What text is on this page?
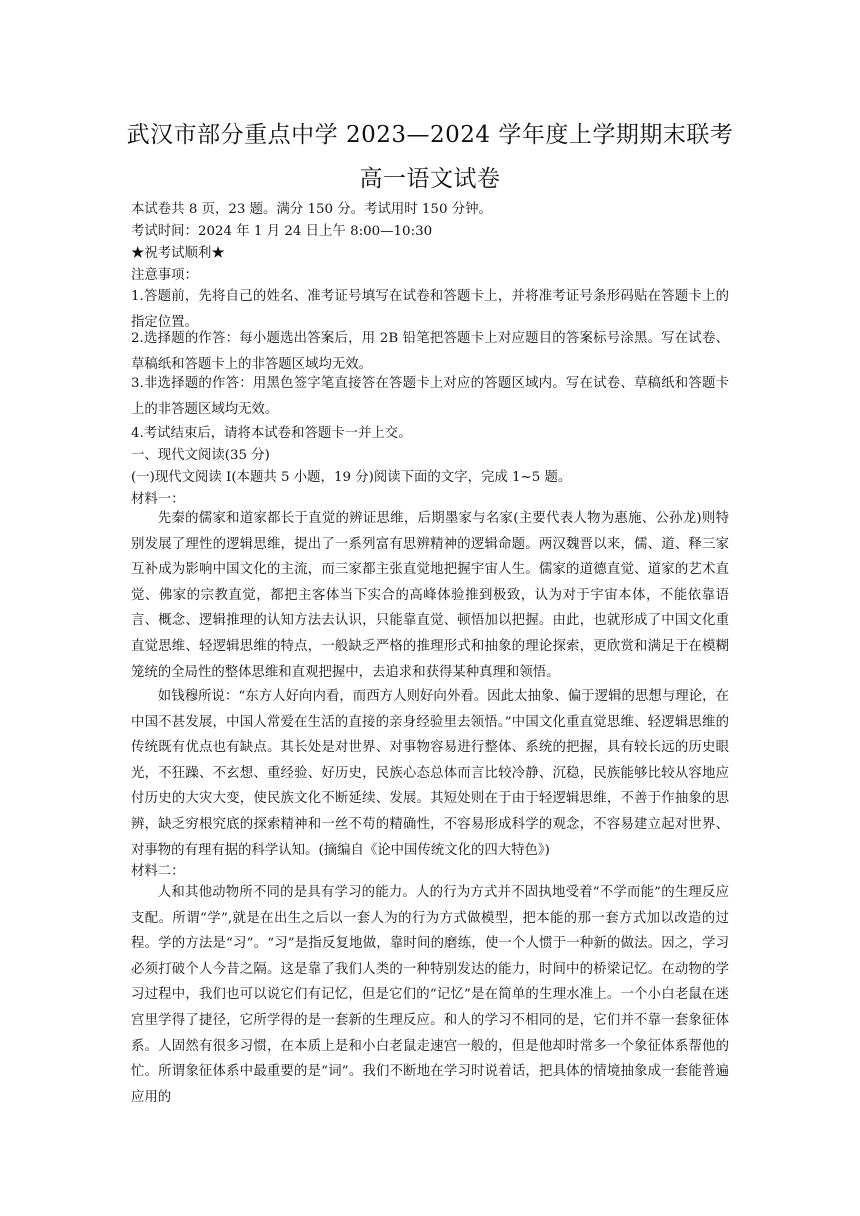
武汉市部分重点中学 2023—2024 学年度上学期期末联考
高一语文试卷
本试卷共 8 页，23 题。满分 150 分。考试用时 150 分钟。
考试时间：2024 年 1 月 24 日上午 8:00—10:30
★祝考试顺利★
注意事项：
1.答题前，先将自己的姓名、准考证号填写在试卷和答题卡上，并将准考证号条形码贴在答题卡上的指定位置。
2.选择题的作答：每小题选出答案后，用 2B 铅笔把答题卡上对应题目的答案标号涂黑。写在试卷、草稿纸和答题卡上的非答题区域均无效。
3.非选择题的作答：用黑色签字笔直接答在答题卡上对应的答题区域内。写在试卷、草稿纸和答题卡上的非答题区域均无效。
4.考试结束后，请将本试卷和答题卡一并上交。
一、现代文阅读(35 分)
(一)现代文阅读 I(本题共 5 小题，19 分)阅读下面的文字，完成 1~5 题。
材料一：
先秦的儒家和道家都长于直觉的辨证思维，后期墨家与名家(主要代表人物为惠施、公孙龙)则特别发展了理性的逻辑思维，提出了一系列富有思辨精神的逻辑命题。两汉魏晋以来，儒、道、释三家互补成为影响中国文化的主流，而三家都主张直觉地把握宇宙人生。儒家的道德直觉、道家的艺术直觉、佛家的宗教直觉，都把主客体当下实合的高峰体验推到极致，认为对于宇宙本体，不能依靠语言、概念、逻辑推理的认知方法去认识，只能靠直觉、顿悟加以把握。由此，也就形成了中国文化重直觉思维、轻逻辑思维的特点，一般缺乏严格的推理形式和抽象的理论探索，更欣赏和满足于在模糊笼统的全局性的整体思维和直观把握中，去追求和获得某种真理和领悟。
如钱穆所说：“东方人好向内看，而西方人则好向外看。因此太抽象、偏于逻辑的思想与理论，在中国不甚发展，中国人常爱在生活的直接的亲身经验里去领悟。”中国文化重直觉思维、轻逻辑思维的传统既有优点也有缺点。其长处是对世界、对事物容易进行整体、系统的把握，具有较长远的历史眼光，不狂躁、不玄想、重经验、好历史，民族心态总体而言比较冷静、沉稳，民族能够比较从容地应付历史的大灾大变，使民族文化不断延续、发展。其短处则在于由于轻逻辑思维，不善于作抽象的思辨，缺乏穷根究底的探索精神和一丝不苟的精确性，不容易形成科学的观念，不容易建立起对世界、对事物的有理有据的科学认知。(摘编自《论中国传统文化的四大特色》)
材料二：
人和其他动物所不同的是具有学习的能力。人的行为方式并不固执地受着“不学而能”的生理反应支配。所谓“学”,就是在出生之后以一套人为的行为方式做模型，把本能的那一套方式加以改造的过程。学的方法是“习”。“习”是指反复地做，靠时间的磨练，使一个人惯于一种新的做法。因之，学习必须打破个人今昔之隔。这是靠了我们人类的一种特别发达的能力，时间中的桥梁记忆。在动物的学习过程中，我们也可以说它们有记忆，但是它们的“记忆”是在简单的生理水准上。一个小白老鼠在迷宫里学得了捷径，它所学得的是一套新的生理反应。和人的学习不相同的是，它们并不靠一套象征体系。人固然有很多习惯，在本质上是和小白老鼠走速宫一般的，但是他却时常多一个象征体系帮他的忙。所谓象征体系中最重要的是“词”。我们不断地在学习时说着话，把具体的情境抽象成一套能普遍应用的
